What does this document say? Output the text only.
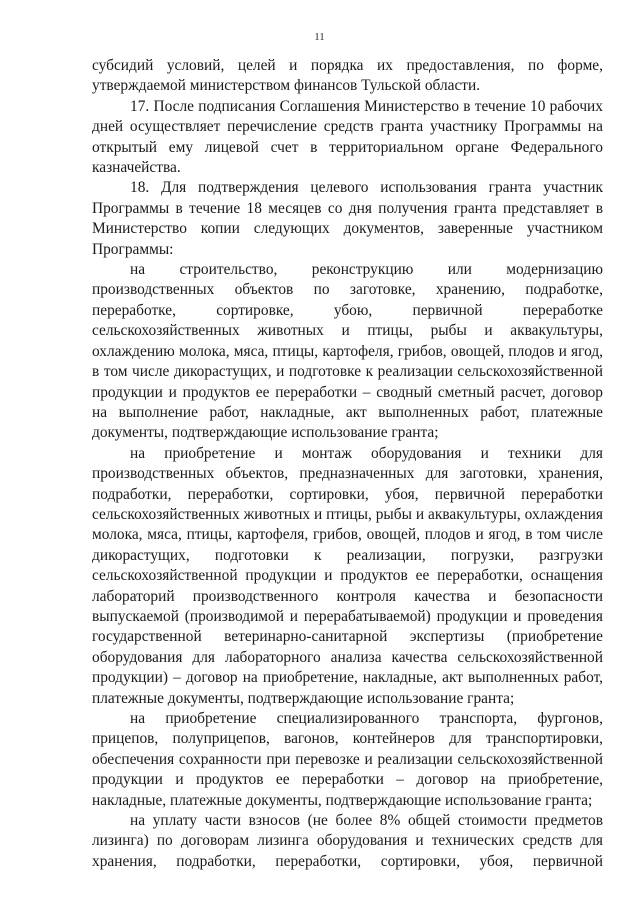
11

субсидий условий, целей и порядка их предоставления, по форме, утверждаемой министерством финансов Тульской области.

17. После подписания Соглашения Министерство в течение 10 рабочих дней осуществляет перечисление средств гранта участнику Программы на открытый ему лицевой счет в территориальном органе Федерального казначейства.

18. Для подтверждения целевого использования гранта участник Программы в течение 18 месяцев со дня получения гранта представляет в Министерство копии следующих документов, заверенные участником Программы:

на строительство, реконструкцию или модернизацию производственных объектов по заготовке, хранению, подработке, переработке, сортировке, убою, первичной переработке сельскохозяйственных животных и птицы, рыбы и аквакультуры, охлаждению молока, мяса, птицы, картофеля, грибов, овощей, плодов и ягод, в том числе дикорастущих, и подготовке к реализации сельскохозяйственной продукции и продуктов ее переработки – сводный сметный расчет, договор на выполнение работ, накладные, акт выполненных работ, платежные документы, подтверждающие использование гранта;

на приобретение и монтаж оборудования и техники для производственных объектов, предназначенных для заготовки, хранения, подработки, переработки, сортировки, убоя, первичной переработки сельскохозяйственных животных и птицы, рыбы и аквакультуры, охлаждения молока, мяса, птицы, картофеля, грибов, овощей, плодов и ягод, в том числе дикорастущих, подготовки к реализации, погрузки, разгрузки сельскохозяйственной продукции и продуктов ее переработки, оснащения лабораторий производственного контроля качества и безопасности выпускаемой (производимой и перерабатываемой) продукции и проведения государственной ветеринарно-санитарной экспертизы (приобретение оборудования для лабораторного анализа качества сельскохозяйственной продукции) – договор на приобретение, накладные, акт выполненных работ, платежные документы, подтверждающие использование гранта;

на приобретение специализированного транспорта, фургонов, прицепов, полуприцепов, вагонов, контейнеров для транспортировки, обеспечения сохранности при перевозке и реализации сельскохозяйственной продукции и продуктов ее переработки – договор на приобретение, накладные, платежные документы, подтверждающие использование гранта;

на уплату части взносов (не более 8% общей стоимости предметов лизинга) по договорам лизинга оборудования и технических средств для хранения, подработки, переработки, сортировки, убоя, первичной
